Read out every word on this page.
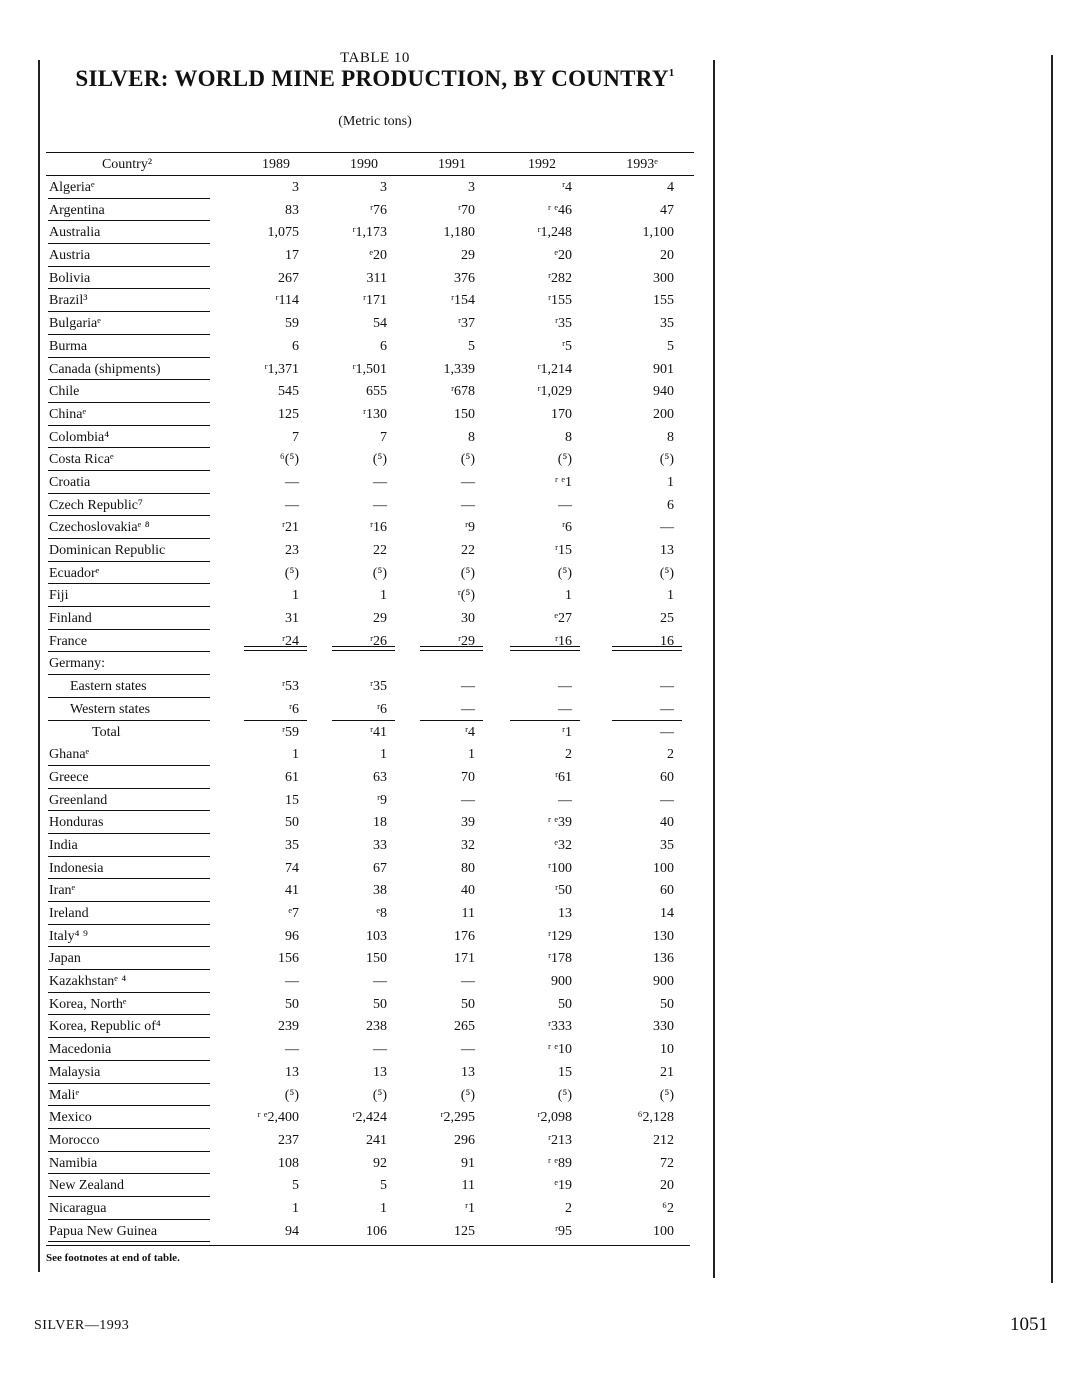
TABLE 10
SILVER: WORLD MINE PRODUCTION, BY COUNTRY$^1$
(Metric tons)
Country²	1989	1990	1991	1992	1993ᵉ
Algeriaᵉ	3	3	3	ʳ4	4
Argentina	83	ʳ76	ʳ70	ʳ ᵉ46	47
Australia	1,075	ʳ1,173	1,180	ʳ1,248	1,100
Austria	17	ᵉ20	29	ᵉ20	20
Bolivia	267	311	376	ʳ282	300
Brazil³	ʳ114	ʳ171	ʳ154	ʳ155	155
Bulgariaᵉ	59	54	ʳ37	ʳ35	35
Burma	6	6	5	ʳ5	5
Canada (shipments)	ʳ1,371	ʳ1,501	1,339	ʳ1,214	901
Chile	545	655	ʳ678	ʳ1,029	940
Chinaᵉ	125	ʳ130	150	170	200
Colombia⁴	7	7	8	8	8
Costa Ricaᵉ	⁶(⁵)	(⁵)	(⁵)	(⁵)	(⁵)
Croatia	—	—	—	ʳ ᵉ1	1
Czech Republic⁷	—	—	—	—	6
Czechoslovakiaᵉ ⁸	ʳ21	ʳ16	ʳ9	ʳ6	—
Dominican Republic	23	22	22	ʳ15	13
Ecuadorᵉ	(⁵)	(⁵)	(⁵)	(⁵)	(⁵)
Fiji	1	1	ʳ(⁵)	1	1
Finland	31	29	30	ᵉ27	25
France	ʳ24	ʳ26	ʳ29	ʳ16	16
Germany:
Eastern states	ʳ53	ʳ35	—	—	—
Western states	ʳ6	ʳ6	—	—	—
Total	ʳ59	ʳ41	ʳ4	ʳ1	—
Ghanaᵉ	1	1	1	2	2
Greece	61	63	70	ʳ61	60
Greenland	15	ʳ9	—	—	—
Honduras	50	18	39	ʳ ᵉ39	40
India	35	33	32	ᵉ32	35
Indonesia	74	67	80	ʳ100	100
Iranᵉ	41	38	40	ʳ50	60
Ireland	ᵉ7	ᵉ8	11	13	14
Italy⁴ ⁹	96	103	176	ʳ129	130
Japan	156	150	171	ʳ178	136
Kazakhstanᵉ ⁴	—	—	—	900	900
Korea, Northᵉ	50	50	50	50	50
Korea, Republic of⁴	239	238	265	ʳ333	330
Macedonia	—	—	—	ʳ ᵉ10	10
Malaysia	13	13	13	15	21
Maliᵉ	(⁵)	(⁵)	(⁵)	(⁵)	(⁵)
Mexico	ʳ ᵉ2,400	ʳ2,424	ʳ2,295	ʳ2,098	⁶2,128
Morocco	237	241	296	ʳ213	212
Namibia	108	92	91	ʳ ᵉ89	72
New Zealand	5	5	11	ᵉ19	20
Nicaragua	1	1	ʳ1	2	⁶2
Papua New Guinea	94	106	125	ʳ95	100
See footnotes at end of table.
SILVER—1993	1051
